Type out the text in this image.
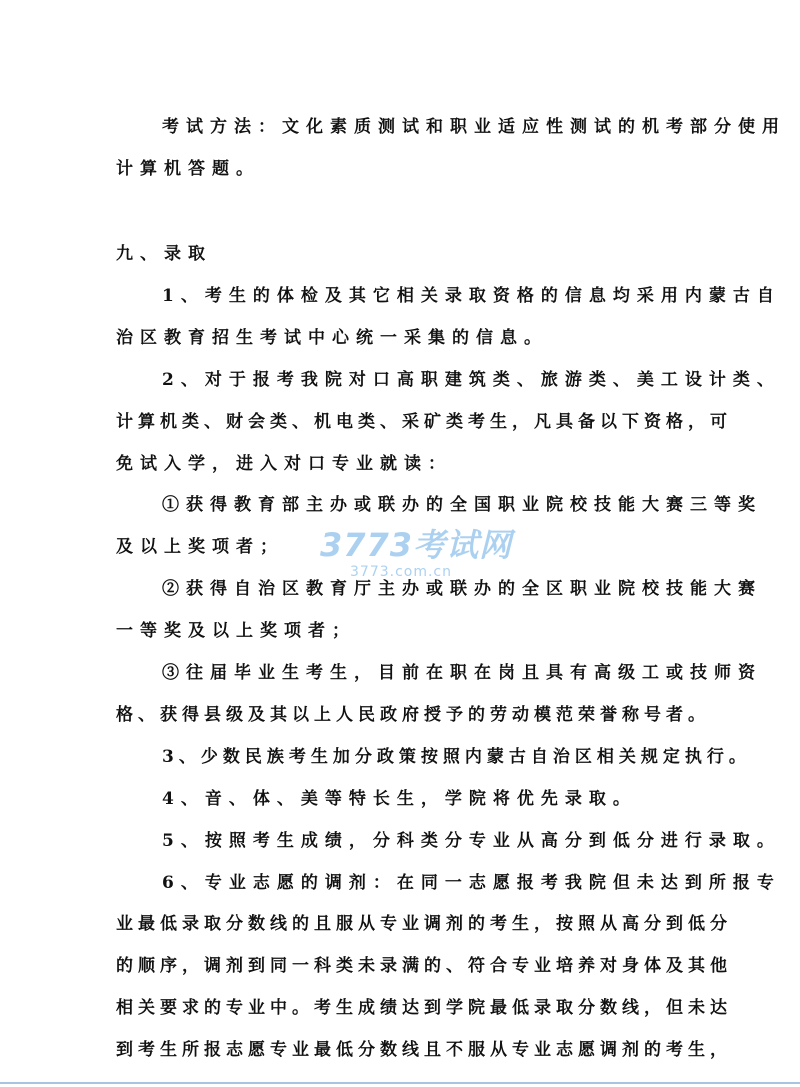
考试方法：文化素质测试和职业适应性测试的机考部分使用
计算机答题。
九、录取
1、考生的体检及其它相关录取资格的信息均采用内蒙古自
治区教育招生考试中心统一采集的信息。
2、对于报考我院对口高职建筑类、旅游类、美工设计类、
计算机类、财会类、机电类、采矿类考生，凡具备以下资格，可
免试入学，进入对口专业就读：
①获得教育部主办或联办的全国职业院校技能大赛三等奖
及以上奖项者；
②获得自治区教育厅主办或联办的全区职业院校技能大赛
一等奖及以上奖项者；
③往届毕业生考生，目前在职在岗且具有高级工或技师资
格、获得县级及其以上人民政府授予的劳动模范荣誉称号者。
3、少数民族考生加分政策按照内蒙古自治区相关规定执行。
4、音、体、美等特长生，学院将优先录取。
5、按照考生成绩，分科类分专业从高分到低分进行录取。
6、专业志愿的调剂：在同一志愿报考我院但未达到所报专
业最低录取分数线的且服从专业调剂的考生，按照从高分到低分
的顺序，调剂到同一科类未录满的、符合专业培养对身体及其他
相关要求的专业中。考生成绩达到学院最低录取分数线，但未达
到考生所报志愿专业最低分数线且不服从专业志愿调剂的考生，
3773考试网
3773.com.cn
